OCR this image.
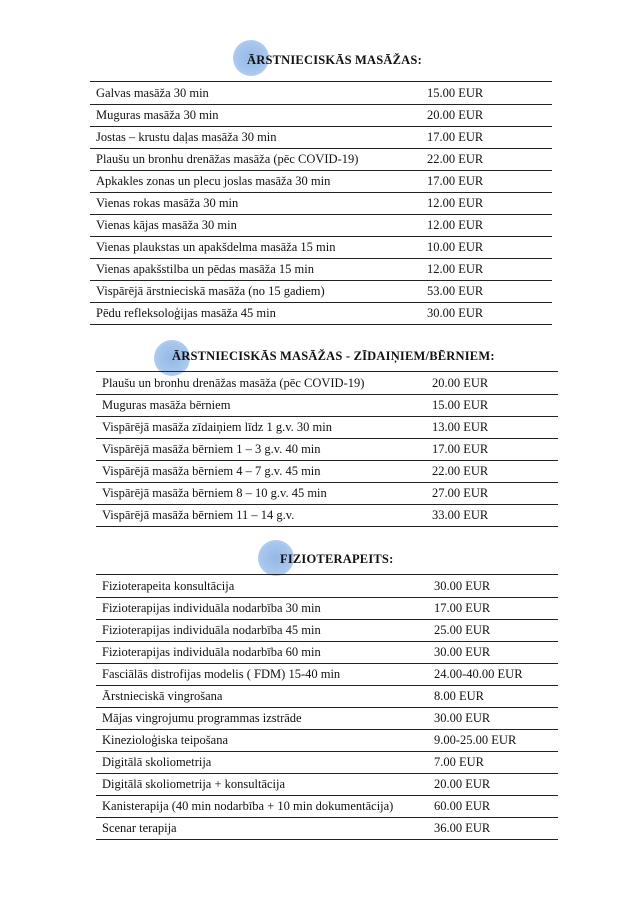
ĀRSTNIECISKĀS MASĀŽAS:
Galvas masāža 30 min	15.00 EUR
Muguras masāža 30 min	20.00 EUR
Jostas – krustu daļas masāža 30 min	17.00 EUR
Plaušu un bronhu drenāžas masāža (pēc COVID-19)	22.00 EUR
Apkakles zonas un plecu joslas masāža 30 min	17.00 EUR
Vienas rokas masāža 30 min	12.00 EUR
Vienas kājas masāža 30 min	12.00 EUR
Vienas plaukstas un apakšdelma masāža 15 min	10.00 EUR
Vienas apakšstilba un pēdas masāža 15 min	12.00 EUR
Vispārējā ārstnieciskā masāža (no 15 gadiem)	53.00 EUR
Pēdu refleksoloģijas masāža 45 min	30.00 EUR
ĀRSTNIECISKĀS MASĀŽAS - ZĪDAIŅIEM/BĒRNIEM:
Plaušu un bronhu drenāžas masāža (pēc COVID-19)	20.00 EUR
Muguras masāža bērniem	15.00 EUR
Vispārējā masāža zīdaiņiem līdz 1 g.v. 30 min	13.00 EUR
Vispārējā masāža bērniem 1 – 3 g.v. 40 min	17.00 EUR
Vispārējā masāža bērniem 4 – 7 g.v. 45 min	22.00 EUR
Vispārējā masāža bērniem 8 – 10 g.v. 45 min	27.00 EUR
Vispārējā masāža bērniem 11 – 14 g.v.	33.00 EUR
FIZIOTERAPEITS:
Fizioterapeita konsultācija	30.00 EUR
Fizioterapijas individuāla nodarbība 30 min	17.00 EUR
Fizioterapijas individuāla nodarbība 45 min	25.00 EUR
Fizioterapijas individuāla nodarbība 60 min	30.00 EUR
Fasciālās distrofijas modelis ( FDM) 15-40 min	24.00-40.00 EUR
Ārstnieciskā vingrošana	8.00 EUR
Mājas vingrojumu programmas izstrāde	30.00 EUR
Kinezioloģiska teipošana	9.00-25.00 EUR
Digitālā skoliometrija	7.00 EUR
Digitālā skoliometrija + konsultācija	20.00 EUR
Kanisterapija (40 min nodarbība + 10 min dokumentācija)	60.00 EUR
Scenar terapija	36.00 EUR
